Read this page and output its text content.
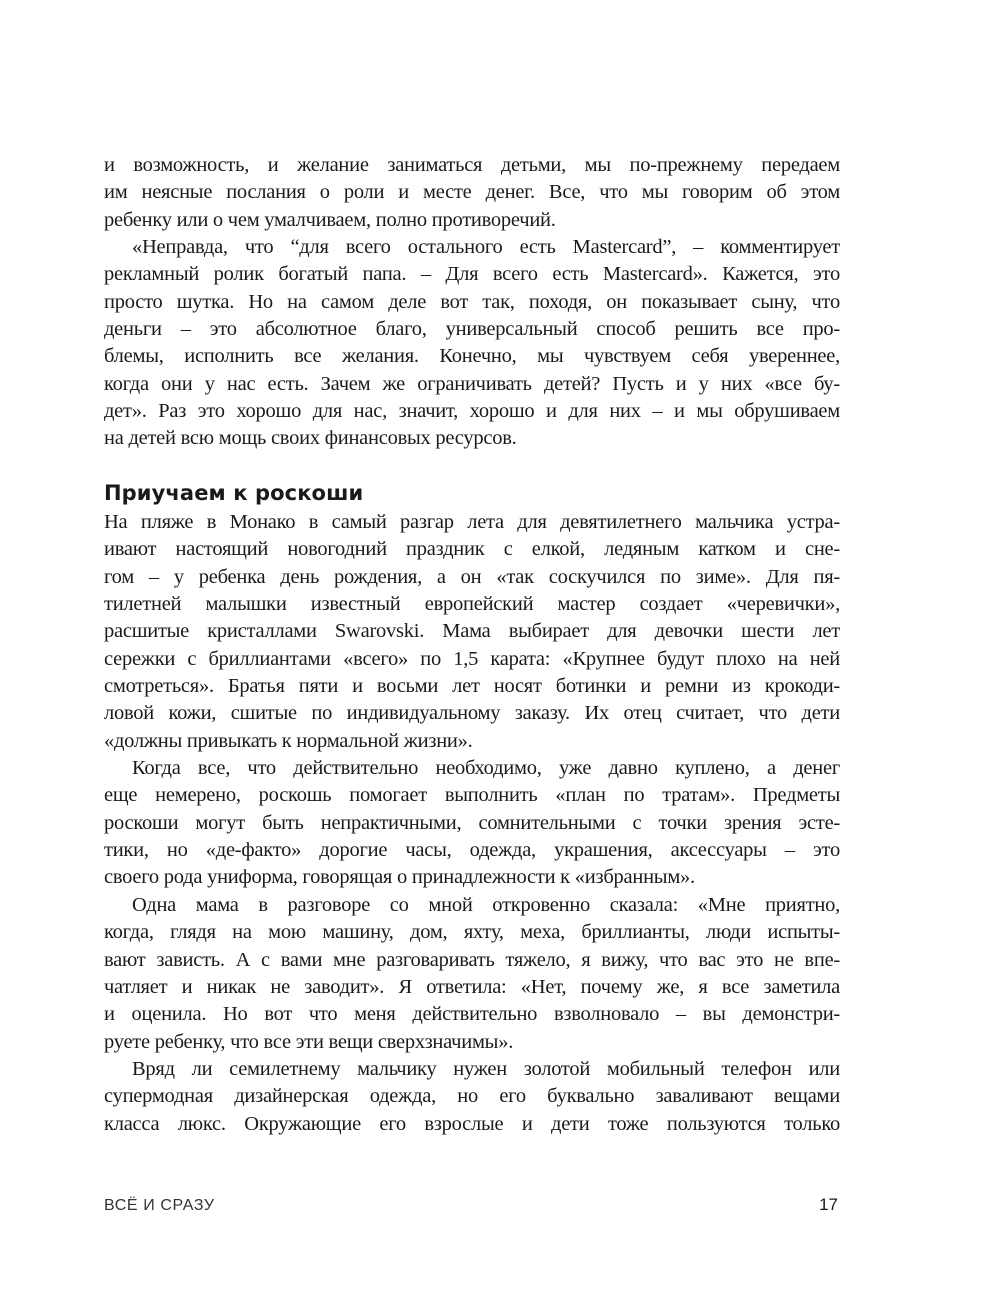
и возможность, и желание заниматься детьми, мы по-прежнему передаем
им неясные послания о роли и месте денег. Все, что мы говорим об этом
ребенку или о чем умалчиваем, полно противоречий.
«Неправда, что “для всего остального есть Mastercard”, – комментирует
рекламный ролик богатый папа. – Для всего есть Mastercard». Кажется, это
просто шутка. Но на самом деле вот так, походя, он показывает сыну, что
деньги – это абсолютное благо, универсальный способ решить все про-
блемы, исполнить все желания. Конечно, мы чувствуем себя увереннее,
когда они у нас есть. Зачем же ограничивать детей? Пусть и у них «все бу-
дет». Раз это хорошо для нас, значит, хорошо и для них – и мы обрушиваем
на детей всю мощь своих финансовых ресурсов.
Приучаем к роскоши
На пляже в Монако в самый разгар лета для девятилетнего мальчика устра-
ивают настоящий новогодний праздник с елкой, ледяным катком и сне-
гом – у ребенка день рождения, а он «так соскучился по зиме». Для пя-
тилетней малышки известный европейский мастер создает «черевички»,
расшитые кристаллами Swarovski. Мама выбирает для девочки шести лет
сережки с бриллиантами «всего» по 1,5 карата: «Крупнее будут плохо на ней
смотреться». Братья пяти и восьми лет носят ботинки и ремни из крокоди-
ловой кожи, сшитые по индивидуальному заказу. Их отец считает, что дети
«должны привыкать к нормальной жизни».
Когда все, что действительно необходимо, уже давно куплено, а денег
еще немерено, роскошь помогает выполнить «план по тратам». Предметы
роскоши могут быть непрактичными, сомнительными с точки зрения эсте-
тики, но «де-факто» дорогие часы, одежда, украшения, аксессуары – это
своего рода униформа, говорящая о принадлежности к «избранным».
Одна мама в разговоре со мной откровенно сказала: «Мне приятно,
когда, глядя на мою машину, дом, яхту, меха, бриллианты, люди испыты-
вают зависть. А с вами мне разговаривать тяжело, я вижу, что вас это не впе-
чатляет и никак не заводит». Я ответила: «Нет, почему же, я все заметила
и оценила. Но вот что меня действительно взволновало – вы демонстри-
руете ребенку, что все эти вещи сверхзначимы».
Вряд ли семилетнему мальчику нужен золотой мобильный телефон или
супермодная дизайнерская одежда, но его буквально заваливают вещами
класса люкс. Окружающие его взрослые и дети тоже пользуются только
ВСЁ И СРАЗУ	17
